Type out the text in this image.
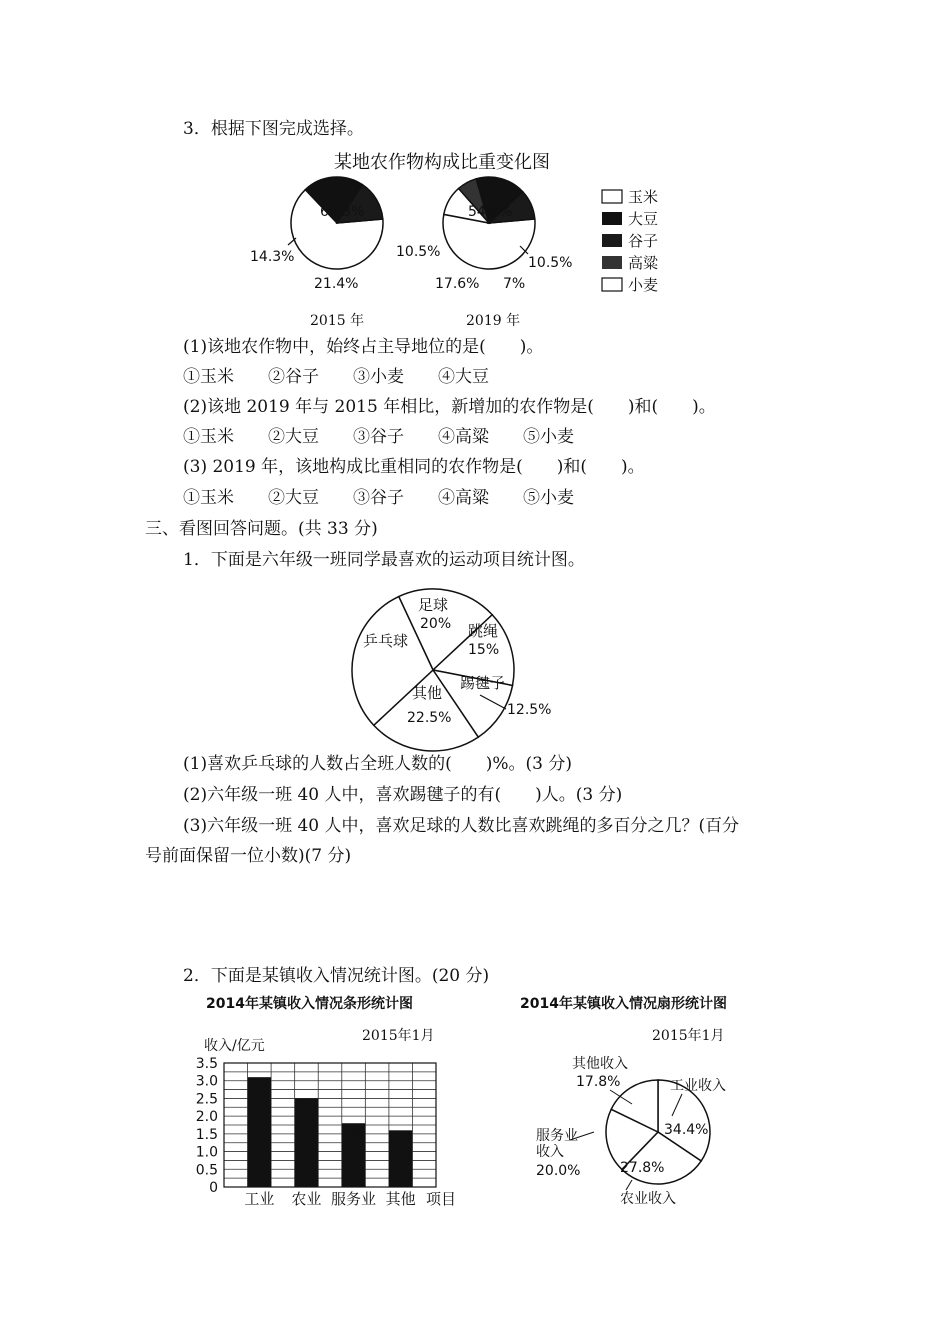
3．根据下图完成选择。
某地农作物构成比重变化图
64.3%
21.4%
14.3%
2015 年
54.4%
10.5%
7%
17.6%
10.5%
2019 年
玉米
大豆
谷子
高粱
小麦
(1)该地农作物中，始终占主导地位的是(　　)。
①玉米 ②谷子 ③小麦 ④大豆
(2)该地 2019 年与 2015 年相比，新增加的农作物是(　　)和(　　)。
①玉米 ②大豆 ③谷子 ④高粱 ⑤小麦
(3) 2019 年，该地构成比重相同的农作物是(　　)和(　　)。
①玉米 ②大豆 ③谷子 ④高粱 ⑤小麦
三、看图回答问题。(共 33 分)
1．下面是六年级一班同学最喜欢的运动项目统计图。
足球
20% 跳绳
15%
踢毽子
12.5%
其他
22.5%
乒乓球
(1)喜欢乒乓球的人数占全班人数的(　　)%。(3 分)
(2)六年级一班 40 人中，喜欢踢毽子的有(　　)人。(3 分)
(3)六年级一班 40 人中，喜欢足球的人数比喜欢跳绳的多百分之几？(百分
号前面保留一位小数)(7 分)
2．下面是某镇收入情况统计图。(20 分)
2014年某镇收入情况条形统计图
2015年1月
收入/亿元
0
0.5
1.0
1.5
2.0
2.5
3.0
3.5
3.1
2.5
1.8 1.6
工业 农业 服务业 其他 项目
2014年某镇收入情况扇形统计图
2015年1月
其他收入
17.8%	工业收入
34.4%
27.8%
农业收入
服务业
收入
20.0%
